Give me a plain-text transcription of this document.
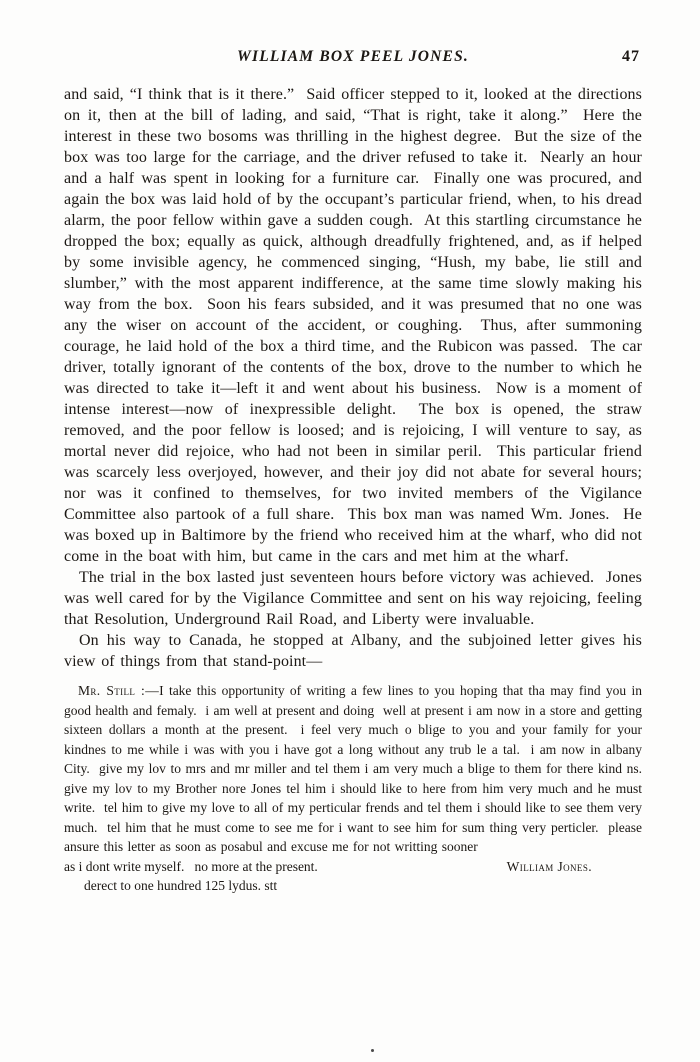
WILLIAM BOX PEEL JONES.	47

and said, “I think that is it there.”  Said officer stepped to it, looked at the directions on it, then at the bill of lading, and said, “That is right, take it along.”  Here the interest in these two bosoms was thrilling in the highest degree.  But the size of the box was too large for the carriage, and the driver refused to take it.  Nearly an hour and a half was spent in looking for a furniture car.  Finally one was procured, and again the box was laid hold of by the occupant’s particular friend, when, to his dread alarm, the poor fellow within gave a sudden cough.  At this startling circumstance he dropped the box; equally as quick, although dreadfully frightened, and, as if helped by some invisible agency, he commenced singing, “Hush, my babe, lie still and slumber,” with the most apparent indifference, at the same time slowly making his way from the box.  Soon his fears subsided, and it was presumed that no one was any the wiser on account of the accident, or coughing.  Thus, after summoning courage, he laid hold of the box a third time, and the Rubicon was passed.  The car driver, totally ignorant of the contents of the box, drove to the number to which he was directed to take it—left it and went about his business.  Now is a moment of intense interest—now of inexpressible delight.  The box is opened, the straw removed, and the poor fellow is loosed; and is rejoicing, I will venture to say, as mortal never did rejoice, who had not been in similar peril.  This particular friend was scarcely less overjoyed, however, and their joy did not abate for several hours; nor was it confined to themselves, for two invited members of the Vigilance Committee also partook of a full share.  This box man was named Wm. Jones.  He was boxed up in Baltimore by the friend who received him at the wharf, who did not come in the boat with him, but came in the cars and met him at the wharf.

The trial in the box lasted just seventeen hours before victory was achieved.  Jones was well cared for by the Vigilance Committee and sent on his way rejoicing, feeling that Resolution, Underground Rail Road, and Liberty were invaluable.

On his way to Canada, he stopped at Albany, and the subjoined letter gives his view of things from that stand-point—

Mr. Still :—I take this opportunity of writing a few lines to you hoping that tha may find you in good health and femaly.  i am well at present and doing  well at present i am now in a store and getting sixteen dollars a month at the present.  i feel very much o blige to you and your family for your kindnes to me while i was with you i have got a long without any trub le a tal.  i am now in albany City.  give my lov to mrs and mr miller and tel them i am very much a blige to them for there kind ns. give my lov to my Brother nore Jones tel him i should like to here from him very much and he must write.  tel him to give my love to all of my perticular frends and tel them i should like to see them very much.  tel him that he must come to see me for i want to see him for sum thing very perticler.  please ansure this letter as soon as posabul and excuse me for not writting sooner

as i dont write myself.   no more at the present.	William Jones.

derect to one hundred 125 lydus. stt
